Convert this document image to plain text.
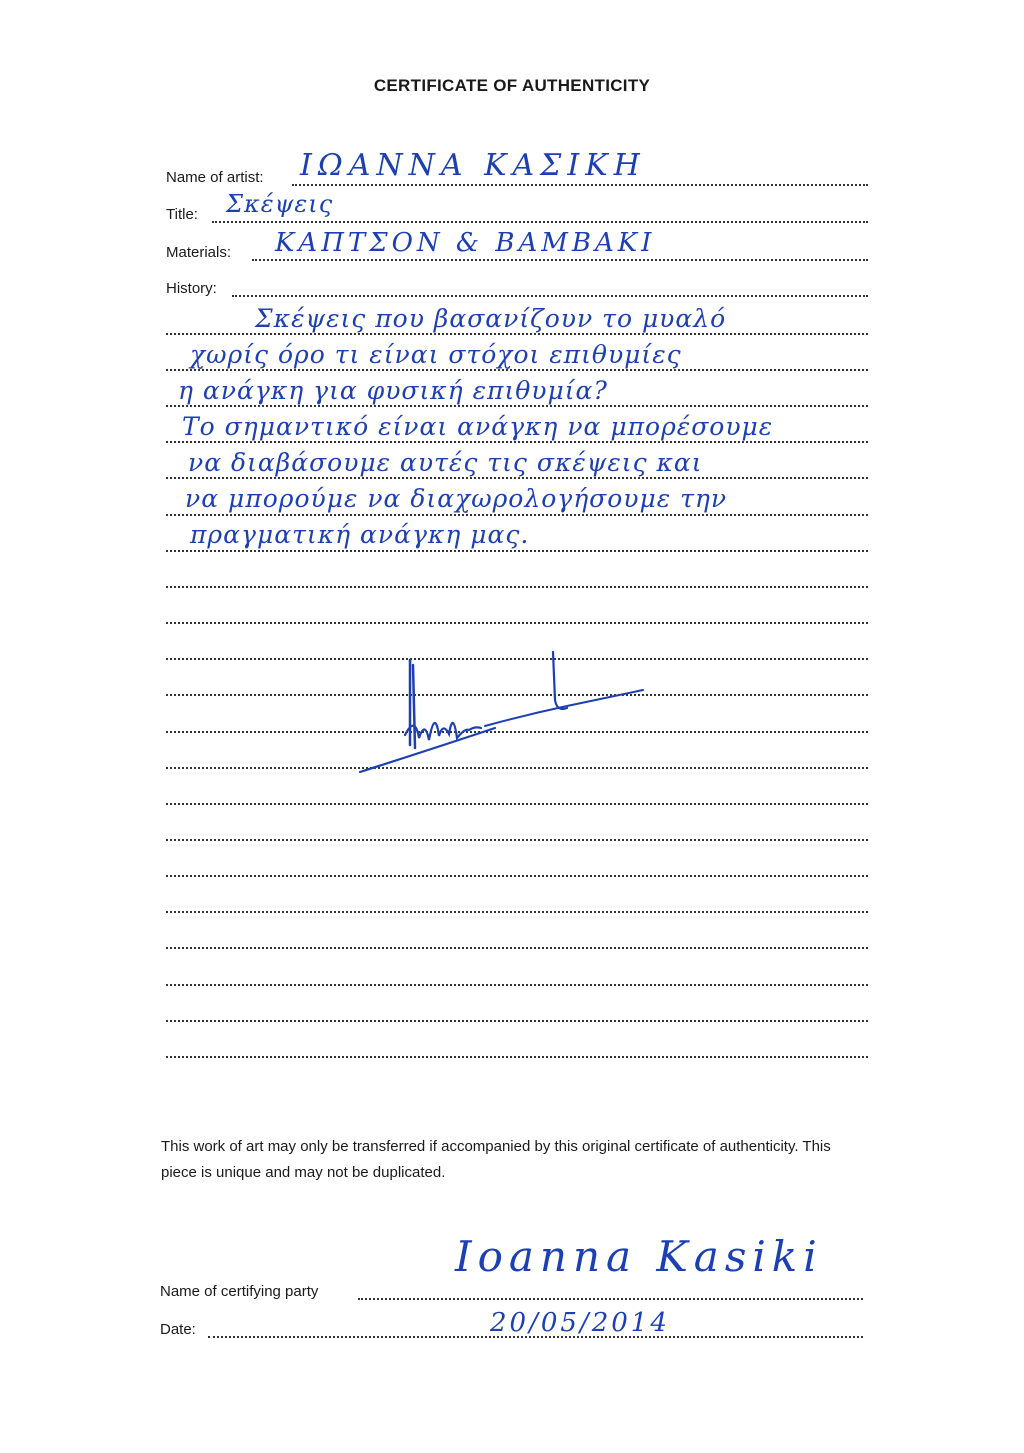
CERTIFICATE OF AUTHENTICITY
Name of artist: ΙΩΑΝΝΑ ΚΑΣΙΚΗ
Title: Σκέψεις
Materials: ΚΑΠΤΣΟΝ & ΒΑΜΒΑΚΙ
History:
Σκέψεις που βασανίζουν το μυαλό
χωρίς όρο τι είναι στόχοι επιθυμίες
η ανάγκη για φυσική επιθυμία?
Το σημαντικό είναι ανάγκη να μπορέσουμε
να διαβάσουμε αυτές τις σκέψεις και
να μπορούμε να διαχωρολογήσουμε την
πραγματική ανάγκη μας.
This work of art may only be transferred if accompanied by this original certificate of authenticity. This piece is unique and may not be duplicated.
Name of certifying party
Ioanna Kasiki
Date:	20/05/2014
